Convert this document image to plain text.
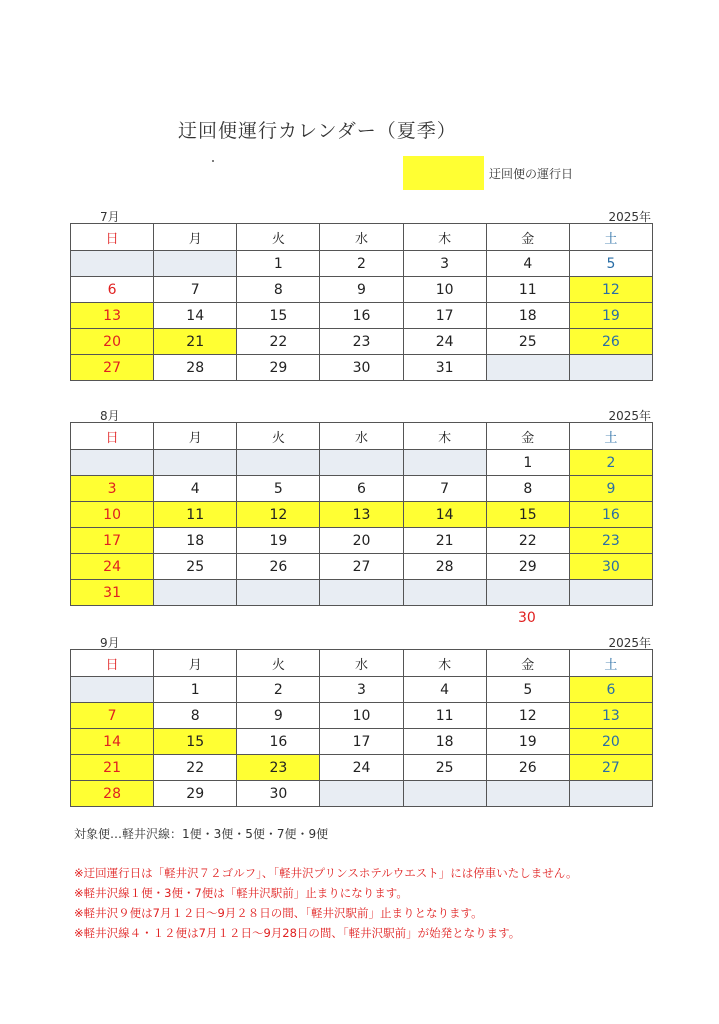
迂回便運行カレンダー（夏季）
迂回便の運行日
7月	2025年
日	月	火	水	木	金	土
		1	2	3	4	5
6	7	8	9	10	11	12
13	14	15	16	17	18	19
20	21	22	23	24	25	26
27	28	29	30	31		
8月	2025年
日	月	火	水	木	金	土
					1	2
3	4	5	6	7	8	9
10	11	12	13	14	15	16
17	18	19	20	21	22	23
24	25	26	27	28	29	30
31						
9月	2025年
日	月	火	水	木	金	土
	1	2	3	4	5	6
7	8	9	10	11	12	13
14	15	16	17	18	19	20
21	22	23	24	25	26	27
28	29	30				
30
対象便…軽井沢線：1便・3便・5便・7便・9便
※迂回運行日は「軽井沢７２ゴルフ」、「軽井沢プリンスホテルウエスト」には停車いたしません。
※軽井沢線１便・3便・7便は「軽井沢駅前」止まりになります。
※軽井沢９便は7月１２日～9月２８日の間、「軽井沢駅前」止まりとなります。
※軽井沢線４・１２便は7月１２日～9月28日の間、「軽井沢駅前」が始発となります。
